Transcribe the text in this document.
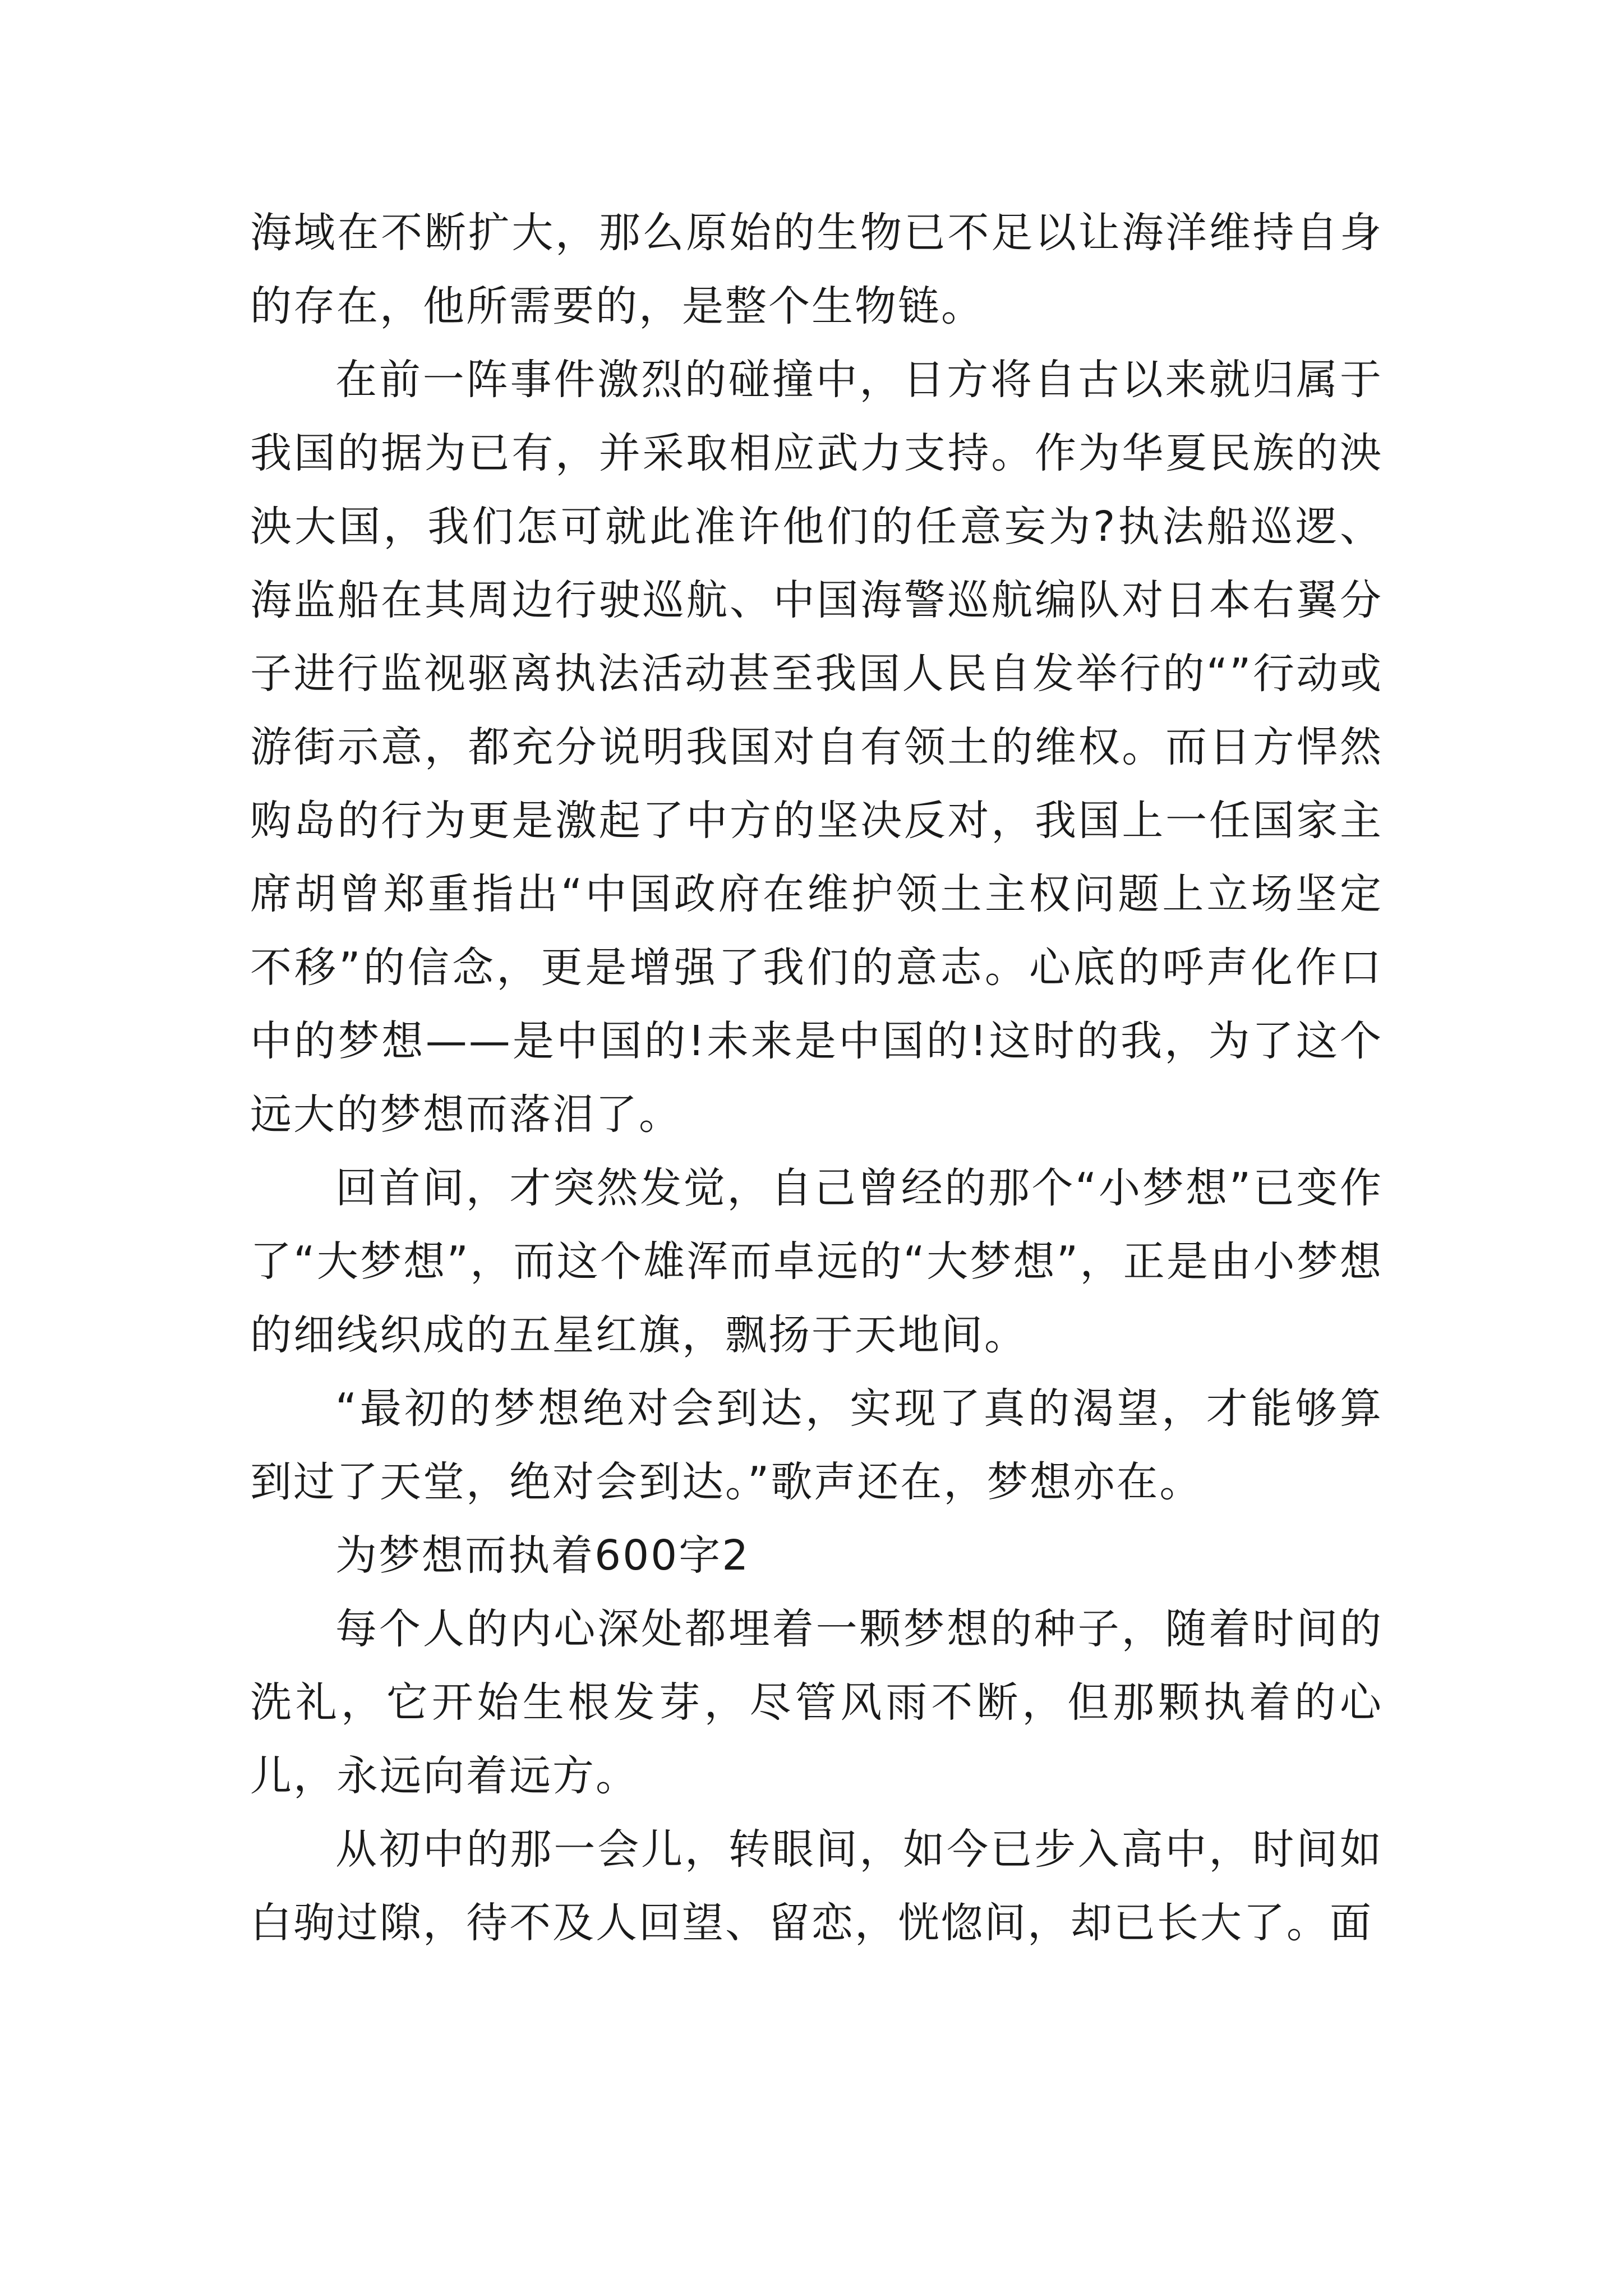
海域在不断扩大，那么原始的生物已不足以让海洋维持自身的存在，他所需要的，是整个生物链。

在前一阵事件激烈的碰撞中，日方将自古以来就归属于我国的据为已有，并采取相应武力支持。作为华夏民族的泱泱大国，我们怎可就此准许他们的任意妄为?执法船巡逻、海监船在其周边行驶巡航、中国海警巡航编队对日本右翼分子进行监视驱离执法活动甚至我国人民自发举行的“”行动或游街示意，都充分说明我国对自有领土的维权。而日方悍然购岛的行为更是激起了中方的坚决反对，我国上一任国家主席胡曾郑重指出“中国政府在维护领土主权问题上立场坚定不移”的信念，更是增强了我们的意志。心底的呼声化作口中的梦想——是中国的!未来是中国的!这时的我，为了这个远大的梦想而落泪了。

回首间，才突然发觉，自己曾经的那个“小梦想”已变作了“大梦想”，而这个雄浑而卓远的“大梦想”，正是由小梦想的细线织成的五星红旗，飘扬于天地间。

“最初的梦想绝对会到达，实现了真的渴望，才能够算到过了天堂，绝对会到达。”歌声还在，梦想亦在。

为梦想而执着600字2

每个人的内心深处都埋着一颗梦想的种子，随着时间的洗礼，它开始生根发芽，尽管风雨不断，但那颗执着的心儿，永远向着远方。

从初中的那一会儿，转眼间，如今已步入高中，时间如白驹过隙，待不及人回望、留恋，恍惚间，却已长大了。面
